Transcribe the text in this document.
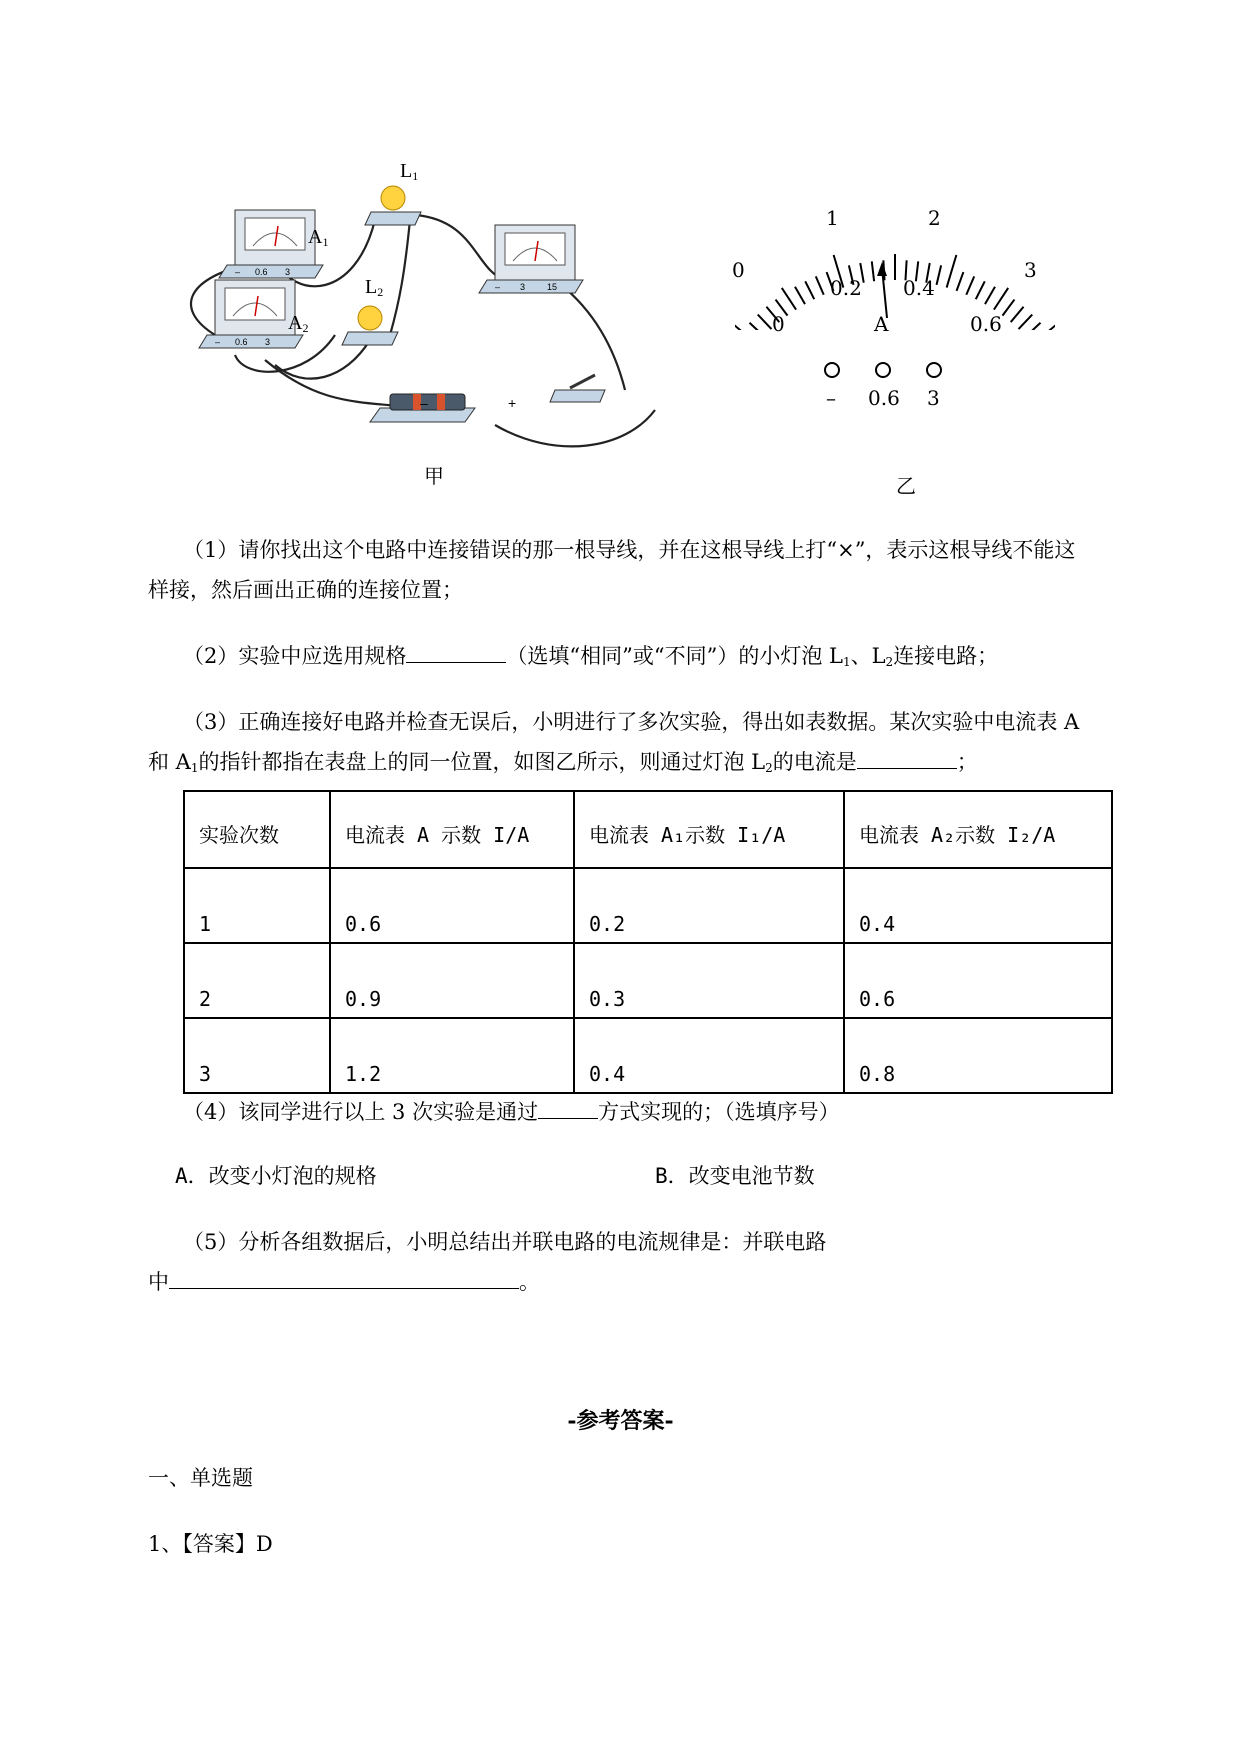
– 0.6 3
– 0.6 3
– 3 15
$L_1$
$L_2$
$A_1$
$A_2$
–	+
甲
0
1	2
3
0
0.2 0.4
0.6
A
– 0.6 3
乙
（1）请你找出这个电路中连接错误的那一根导线，并在这根导线上打“×”，表示这根导线不能这
样接，然后画出正确的连接位置；
（2）实验中应选用规格	（选填“相同”或“不同”）的小灯泡 $L_1$、$L_2$连接电路；
（3）正确连接好电路并检查无误后，小明进行了多次实验，得出如表数据。某次实验中电流表 A
和 $A_1$的指针都指在表盘上的同一位置，如图乙所示，则通过灯泡 $L_2$的电流是	；
实验次数	电流表 A 示数 I/A	电流表 A₁示数 I₁/A	电流表 A₂示数 I₂/A
1	0.6	0.2	0.4
2	0.9	0.3	0.6
3	1.2	0.4	0.8
（4）该同学进行以上 3 次实验是通过	方式实现的；（选填序号）
A．改变小灯泡的规格	B．改变电池节数
（5）分析各组数据后，小明总结出并联电路的电流规律是：并联电路
中	。
-参考答案-
一、单选题
1、【答案】D
